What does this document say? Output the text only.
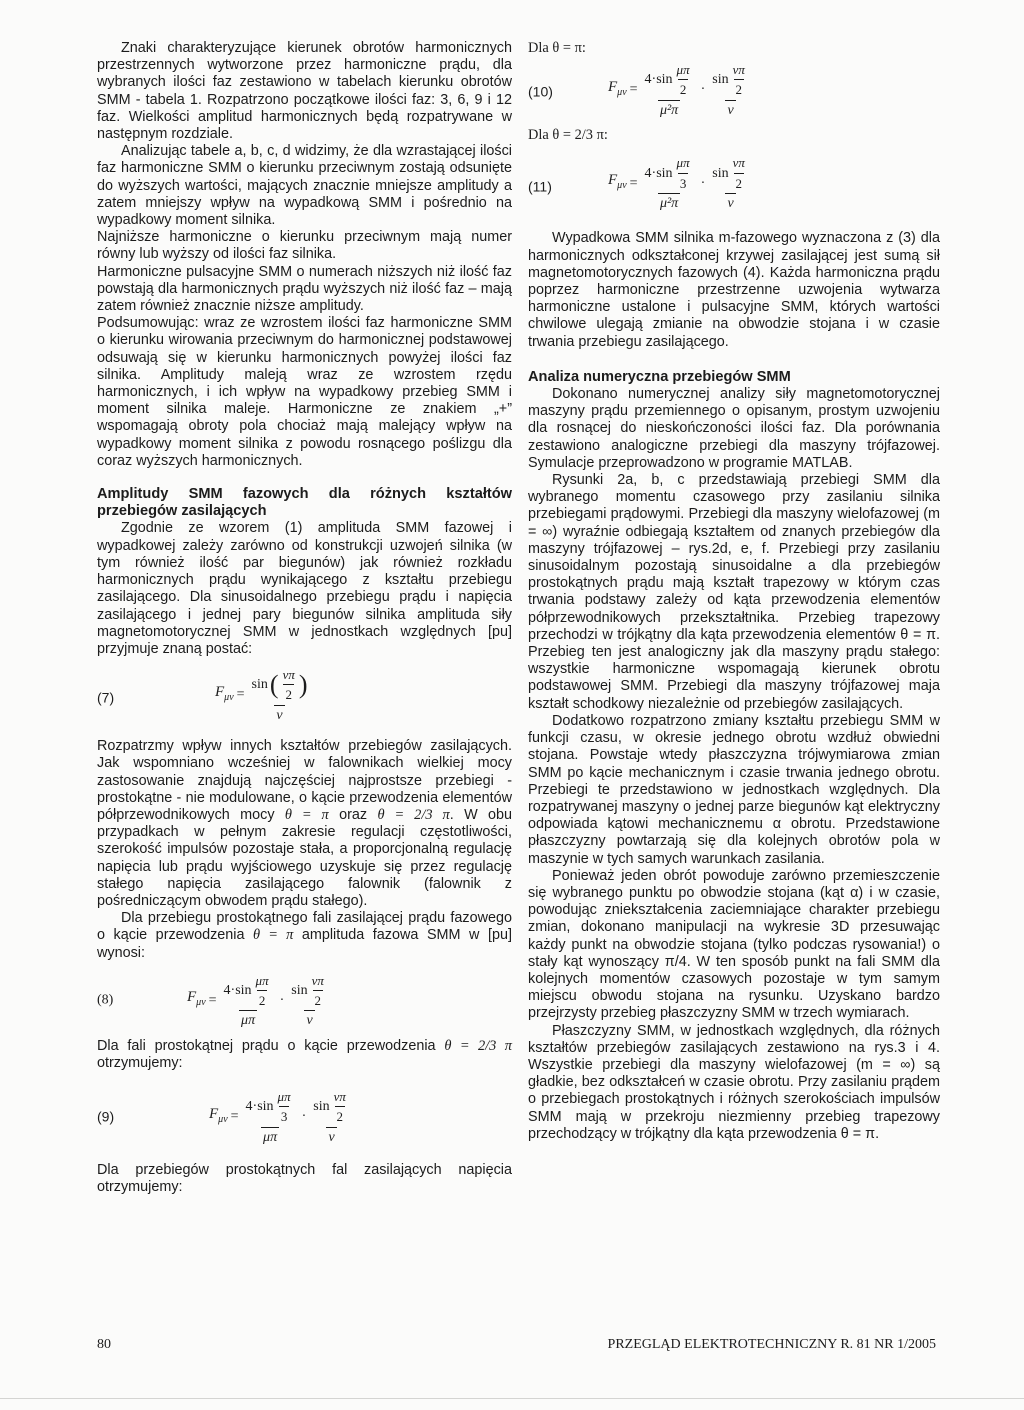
Znaki charakteryzujące kierunek obrotów harmonicznych przestrzennych wytworzone przez harmoniczne prądu, dla wybranych ilości faz zestawiono w tabelach kierunku obrotów SMM - tabela 1. Rozpatrzono początkowe ilości faz: 3, 6, 9 i 12 faz. Wielkości amplitud harmonicznych będą rozpatrywane w następnym rozdziale.

Analizując tabele a, b, c, d widzimy, że dla wzrastającej ilości faz harmoniczne SMM o kierunku przeciwnym zostają odsunięte do wyższych wartości, mających znacznie mniejsze amplitudy a zatem mniejszy wpływ na wypadkową SMM i pośrednio na wypadkowy moment silnika.

Najniższe harmoniczne o kierunku przeciwnym mają numer równy lub wyższy od ilości faz silnika.

Harmoniczne pulsacyjne SMM o numerach niższych niż ilość faz powstają dla harmonicznych prądu wyższych niż ilość faz – mają zatem również znacznie niższe amplitudy.

Podsumowując: wraz ze wzrostem ilości faz harmoniczne SMM o kierunku wirowania przeciwnym do harmonicznej podstawowej odsuwają się w kierunku harmonicznych powyżej ilości faz silnika. Amplitudy maleją wraz ze wzrostem rzędu harmonicznych, i ich wpływ na wypadkowy przebieg SMM i moment silnika maleje. Harmoniczne ze znakiem „+” wspomagają obroty pola chociaż mają malejący wpływ na wypadkowy moment silnika z powodu rosnącego poślizgu dla coraz wyższych harmonicznych.

Amplitudy SMM fazowych dla różnych kształtów przebiegów zasilających

Zgodnie ze wzorem (1) amplituda SMM fazowej i wypadkowej zależy zarówno od konstrukcji uzwojeń silnika (w tym również ilość par biegunów) jak również rozkładu harmonicznych prądu wynikającego z kształtu przebiegu zasilającego. Dla sinusoidalnego przebiegu prądu i napięcia zasilającego i jednej pary biegunów silnika amplituda siły magnetomotorycznej SMM w jednostkach względnych [pu] przyjmuje znaną postać:

(7)	$F_{\mu\nu} = \frac{\sin ( \frac{\nu\pi}{2} )}{\nu}$

Rozpatrzmy wpływ innych kształtów przebiegów zasilających. Jak wspomniano wcześniej w falownikach wielkiej mocy zastosowanie znajdują najczęściej najprostsze przebiegi - prostokątne - nie modulowane, o kącie przewodzenia elementów półprzewodnikowych mocy

θ = π oraz θ = 2/3 π. W obu przypadkach w pełnym zakresie regulacji częstotliwości, szerokość impulsów pozostaje stała, a proporcjonalną regulację napięcia lub prądu wyjściowego uzyskuje się przez regulację stałego napięcia zasilającego falownik (falownik z pośredniczącym obwodem prądu stałego).

Dla przebiegu prostokątnego fali zasilającej prądu fazowego o kącie przewodzenia θ = π amplituda fazowa SMM w [pu] wynosi:

(8)	$F_{\mu\nu} = \frac{4\cdot\sin \frac{\mu\pi}{2}}{\mu\pi} \cdot \frac{\sin \frac{\nu\pi}{2}}{\nu}$

Dla fali prostokątnej prądu o kącie przewodzenia θ = 2/3 π otrzymujemy:

(9)	$F_{\mu\nu} = \frac{4\cdot\sin \frac{\mu\pi}{3}}{\mu\pi} \cdot \frac{\sin \frac{\nu\pi}{2}}{\nu}$

Dla przebiegów prostokątnych fal zasilających napięcia otrzymujemy:

Dla θ = π:

(10)	$F_{\mu\nu} = \frac{4\cdot\sin \frac{\mu\pi}{2}}{\text{μ²π}} \cdot \frac{\sin \frac{\nu\pi}{2}}{\nu}$

Dla θ = 2/3 π:

(11)	$F_{\mu\nu} = \frac{4\cdot\sin \frac{\mu\pi}{3}}{\text{μ²π}} \cdot \frac{\sin \frac{\nu\pi}{2}}{\nu}$

Wypadkowa SMM silnika m-fazowego wyznaczona z (3) dla harmonicznych odkształconej krzywej zasilającej jest sumą sił magnetomotorycznych fazowych (4). Każda harmoniczna prądu poprzez harmoniczne przestrzenne uzwojenia wytwarza harmoniczne ustalone i pulsacyjne SMM, których wartości chwilowe ulegają zmianie na obwodzie stojana i w czasie trwania przebiegu zasilającego.

Analiza numeryczna przebiegów SMM

Dokonano numerycznej analizy siły magnetomotorycznej maszyny prądu przemiennego o opisanym, prostym uzwojeniu dla rosnącej do nieskończoności ilości faz. Dla porównania zestawiono analogiczne przebiegi dla maszyny trójfazowej. Symulacje przeprowadzono w programie MATLAB.

Rysunki 2a, b, c przedstawiają przebiegi SMM dla wybranego momentu czasowego przy zasilaniu silnika przebiegami prądowymi. Przebiegi dla maszyny wielofazowej (m = ∞) wyraźnie odbiegają kształtem od znanych przebiegów dla maszyny trójfazowej – rys.2d, e, f. Przebiegi przy zasilaniu sinusoidalnym pozostają sinusoidalne a dla przebiegów prostokątnych prądu mają kształt trapezowy w którym czas trwania podstawy zależy od kąta przewodzenia elementów półprzewodnikowych przekształtnika. Przebieg trapezowy przechodzi w trójkątny dla kąta przewodzenia elementów θ = π. Przebieg ten jest analogiczny jak dla maszyny prądu stałego: wszystkie harmoniczne wspomagają kierunek obrotu podstawowej SMM. Przebiegi dla maszyny trójfazowej maja kształt schodkowy niezależnie od przebiegów zasilających.

Dodatkowo rozpatrzono zmiany kształtu przebiegu SMM w funkcji czasu, w okresie jednego obrotu wzdłuż obwiedni stojana. Powstaje wtedy płaszczyzna trójwymiarowa zmian SMM po kącie mechanicznym i czasie trwania jednego obrotu. Przebiegi te przedstawiono w jednostkach względnych. Dla rozpatrywanej maszyny o jednej parze biegunów kąt elektryczny odpowiada kątowi mechanicznemu α obrotu. Przedstawione płaszczyzny powtarzają się dla kolejnych obrotów pola w maszynie w tych samych warunkach zasilania.

Ponieważ jeden obrót powoduje zarówno przemieszczenie się wybranego punktu po obwodzie stojana (kąt α) i w czasie, powodując zniekształcenia zaciemniające charakter przebiegu zmian, dokonano manipulacji na wykresie 3D przesuwając każdy punkt na obwodzie stojana (tylko podczas rysowania!) o stały kąt wynoszący π/4. W ten sposób punkt na fali SMM dla kolejnych momentów czasowych pozostaje w tym samym miejscu obwodu stojana na rysunku. Uzyskano bardzo przejrzysty przebieg płaszczyzny SMM w trzech wymiarach.

Płaszczyzny SMM, w jednostkach względnych, dla różnych kształtów przebiegów zasilających zestawiono na rys.3 i 4. Wszystkie przebiegi dla maszyny wielofazowej (m = ∞) są gładkie, bez odkształceń w czasie obrotu. Przy zasilaniu prądem o przebiegach prostokątnych i różnych szerokościach impulsów SMM mają w przekroju niezmienny przebieg trapezowy przechodzący w trójkątny dla kąta przewodzenia θ = π.

80	PRZEGLĄD ELEKTROTECHNICZNY R. 81 NR 1/2005
